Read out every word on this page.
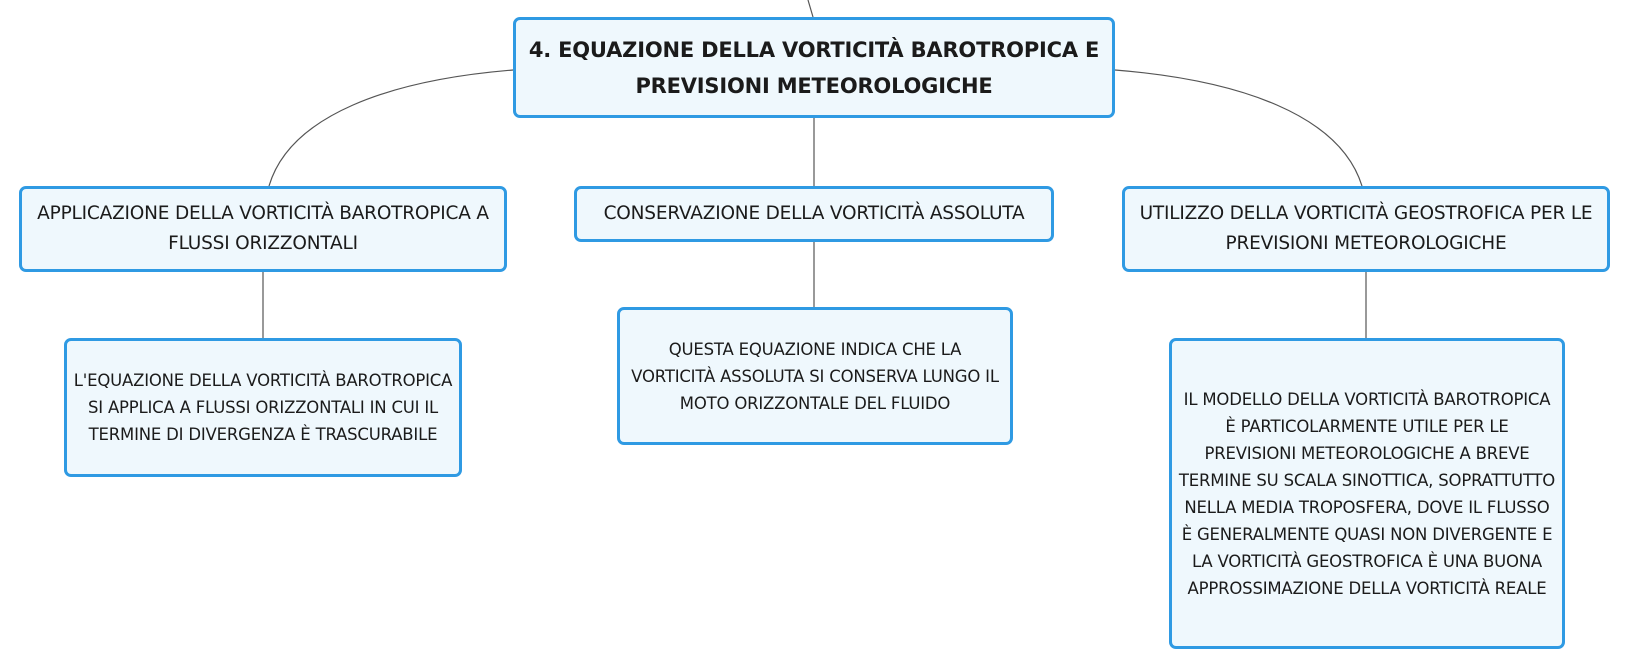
4. EQUAZIONE DELLA VORTICITÀ BAROTROPICA E PREVISIONI METEOROLOGICHE
APPLICAZIONE DELLA VORTICITÀ BAROTROPICA A FLUSSI ORIZZONTALI
CONSERVAZIONE DELLA VORTICITÀ ASSOLUTA	UTILIZZO DELLA VORTICITÀ GEOSTROFICA PER LE PREVISIONI METEOROLOGICHE
L'EQUAZIONE DELLA VORTICITÀ BAROTROPICA SI APPLICA A FLUSSI ORIZZONTALI IN CUI IL TERMINE DI DIVERGENZA È TRASCURABILE
QUESTA EQUAZIONE INDICA CHE LA VORTICITÀ ASSOLUTA SI CONSERVA LUNGO IL MOTO ORIZZONTALE DEL FLUIDO	IL MODELLO DELLA VORTICITÀ BAROTROPICA È PARTICOLARMENTE UTILE PER LE PREVISIONI METEOROLOGICHE A BREVE TERMINE SU SCALA SINOTTICA, SOPRATTUTTO NELLA MEDIA TROPOSFERA, DOVE IL FLUSSO È GENERALMENTE QUASI NON DIVERGENTE E LA VORTICITÀ GEOSTROFICA È UNA BUONA APPROSSIMAZIONE DELLA VORTICITÀ REALE
